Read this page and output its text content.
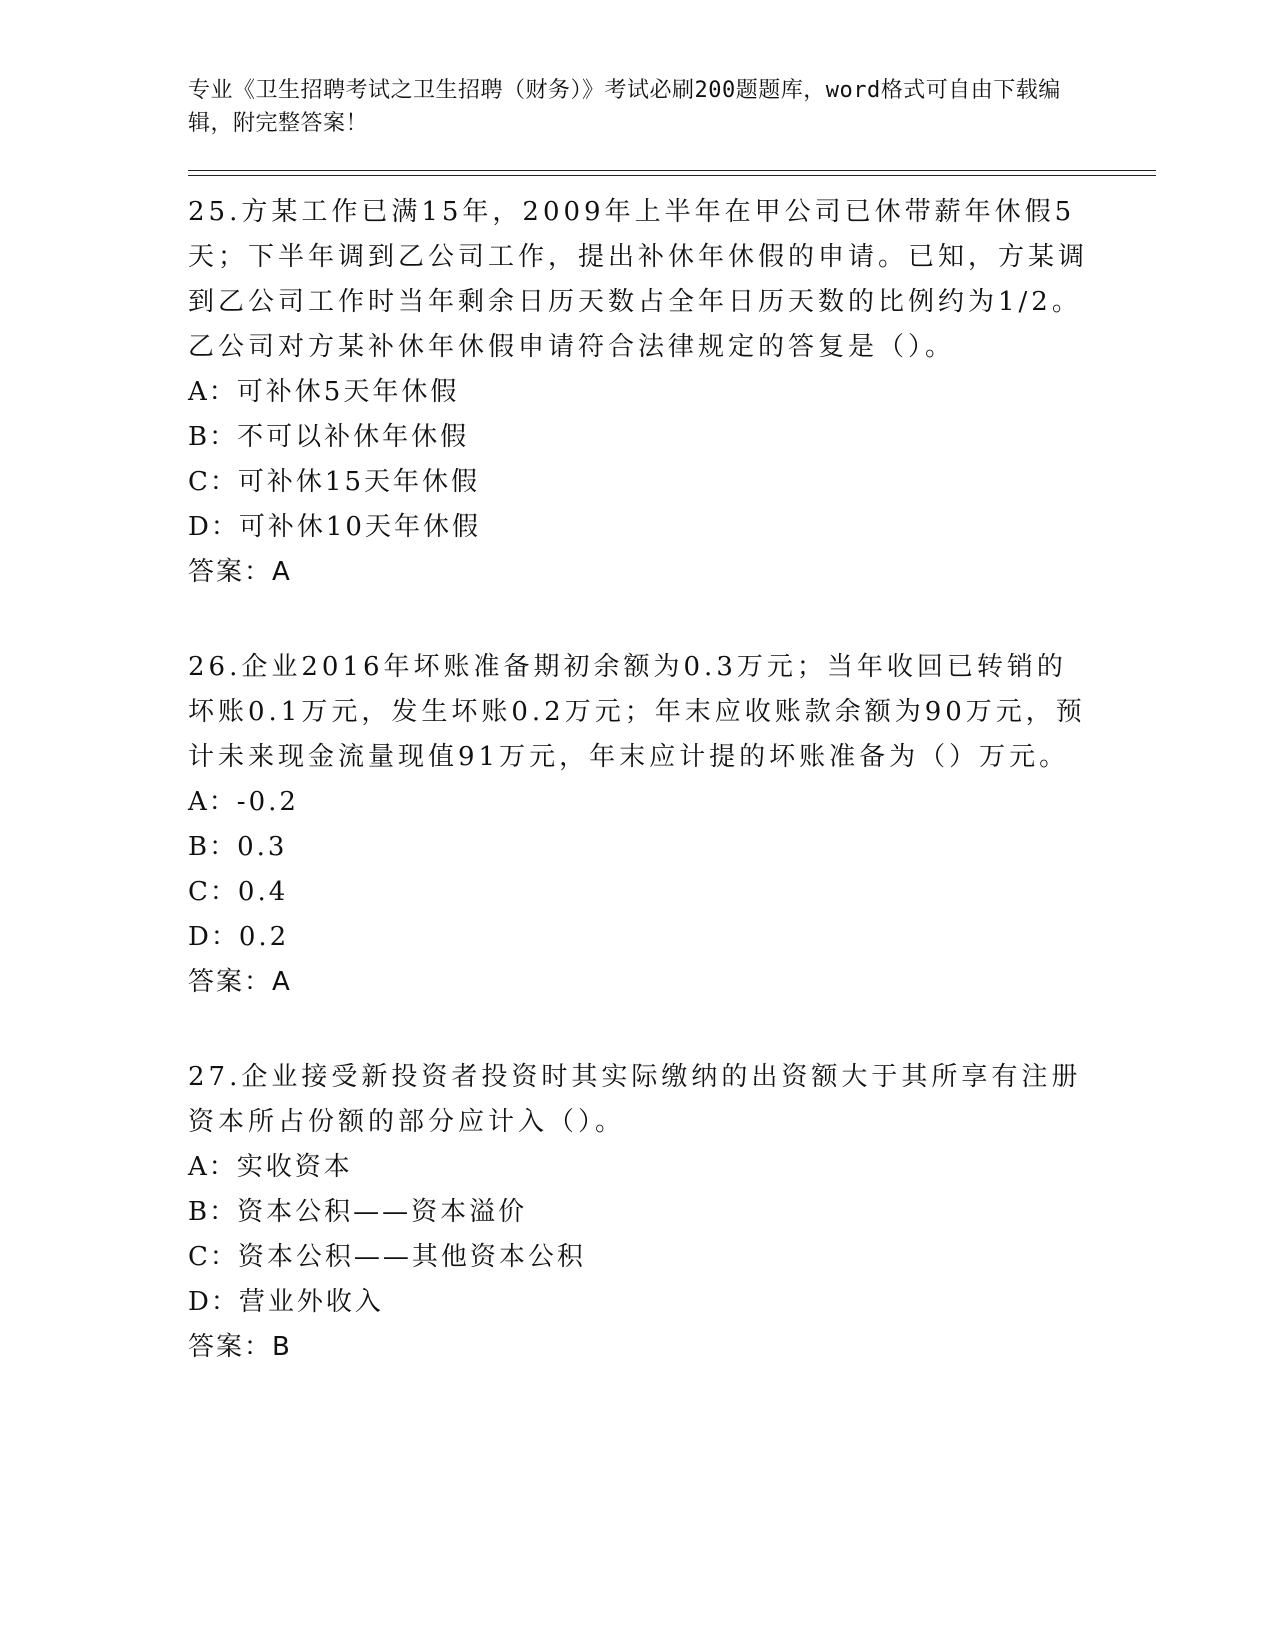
专业《卫生招聘考试之卫生招聘（财务）》考试必刷200题题库，word格式可自由下载编辑，附完整答案！

25.方某工作已满15年，2009年上半年在甲公司已休带薪年休假5天；下半年调到乙公司工作，提出补休年休假的申请。已知，方某调到乙公司工作时当年剩余日历天数占全年日历天数的比例约为1/2。乙公司对方某补休年休假申请符合法律规定的答复是（）。

A：可补休5天年休假
B：不可以补休年休假
C：可补休15天年休假
D：可补休10天年休假
答案：A

26.企业2016年坏账准备期初余额为0.3万元；当年收回已转销的坏账0.1万元，发生坏账0.2万元；年末应收账款余额为90万元，预计未来现金流量现值91万元，年末应计提的坏账准备为（）万元。

A：-0.2
B：0.3
C：0.4
D：0.2
答案：A

27.企业接受新投资者投资时其实际缴纳的出资额大于其所享有注册资本所占份额的部分应计入（）。

A：实收资本
B：资本公积——资本溢价
C：资本公积——其他资本公积
D：营业外收入
答案：B
